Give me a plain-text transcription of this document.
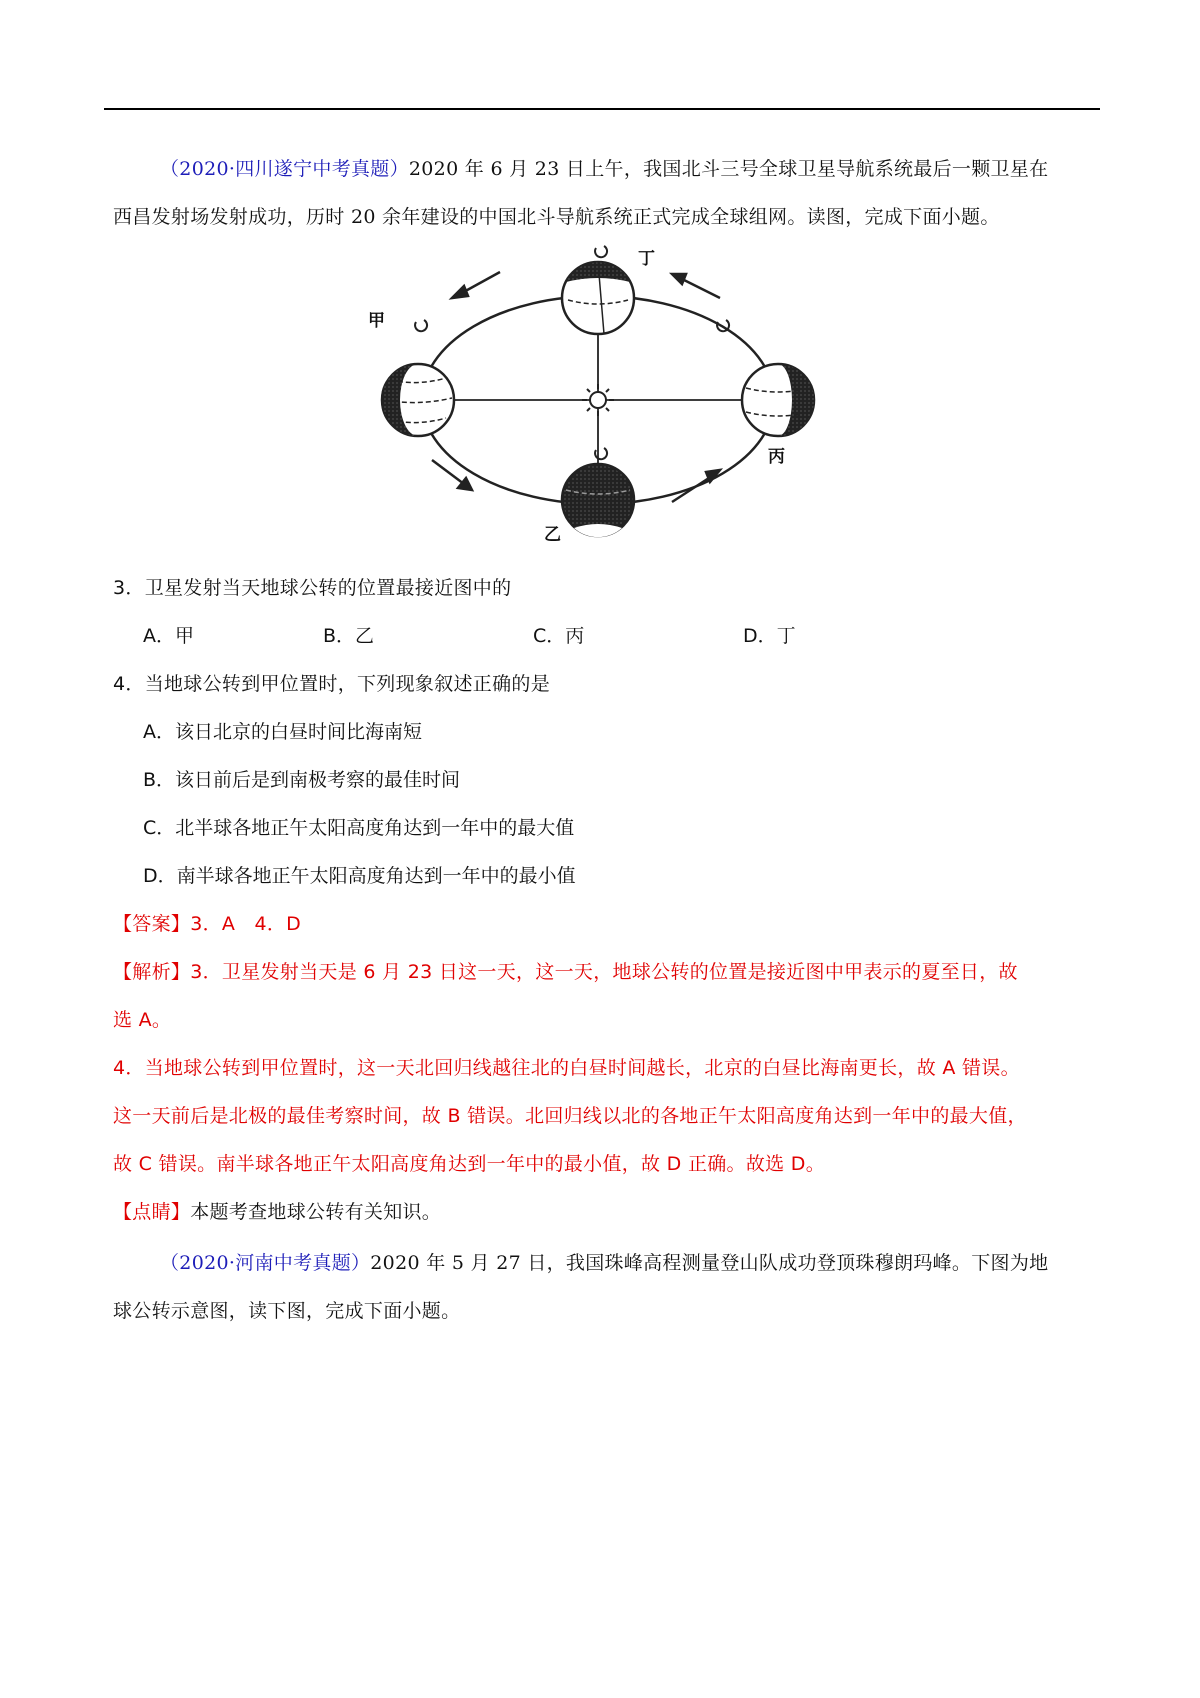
（2020·四川遂宁中考真题）2020 年 6 月 23 日上午，我国北斗三号全球卫星导航系统最后一颗卫星在
西昌发射场发射成功，历时 20 余年建设的中国北斗导航系统正式完成全球组网。读图，完成下面小题。
甲
丁
丙
乙
3．卫星发射当天地球公转的位置最接近图中的
A．甲	B．乙	C．丙	D．丁
4．当地球公转到甲位置时，下列现象叙述正确的是
A．该日北京的白昼时间比海南短
B．该日前后是到南极考察的最佳时间
C．北半球各地正午太阳高度角达到一年中的最大值
D．南半球各地正午太阳高度角达到一年中的最小值
【答案】3．A　4．D
【解析】3．卫星发射当天是 6 月 23 日这一天，这一天，地球公转的位置是接近图中甲表示的夏至日，故
选 A。
4．当地球公转到甲位置时，这一天北回归线越往北的白昼时间越长，北京的白昼比海南更长，故 A 错误。
这一天前后是北极的最佳考察时间，故 B 错误。北回归线以北的各地正午太阳高度角达到一年中的最大值，
故 C 错误。南半球各地正午太阳高度角达到一年中的最小值，故 D 正确。故选 D。
【点睛】本题考查地球公转有关知识。
（2020·河南中考真题）2020 年 5 月 27 日，我国珠峰高程测量登山队成功登顶珠穆朗玛峰。下图为地
球公转示意图，读下图，完成下面小题。
